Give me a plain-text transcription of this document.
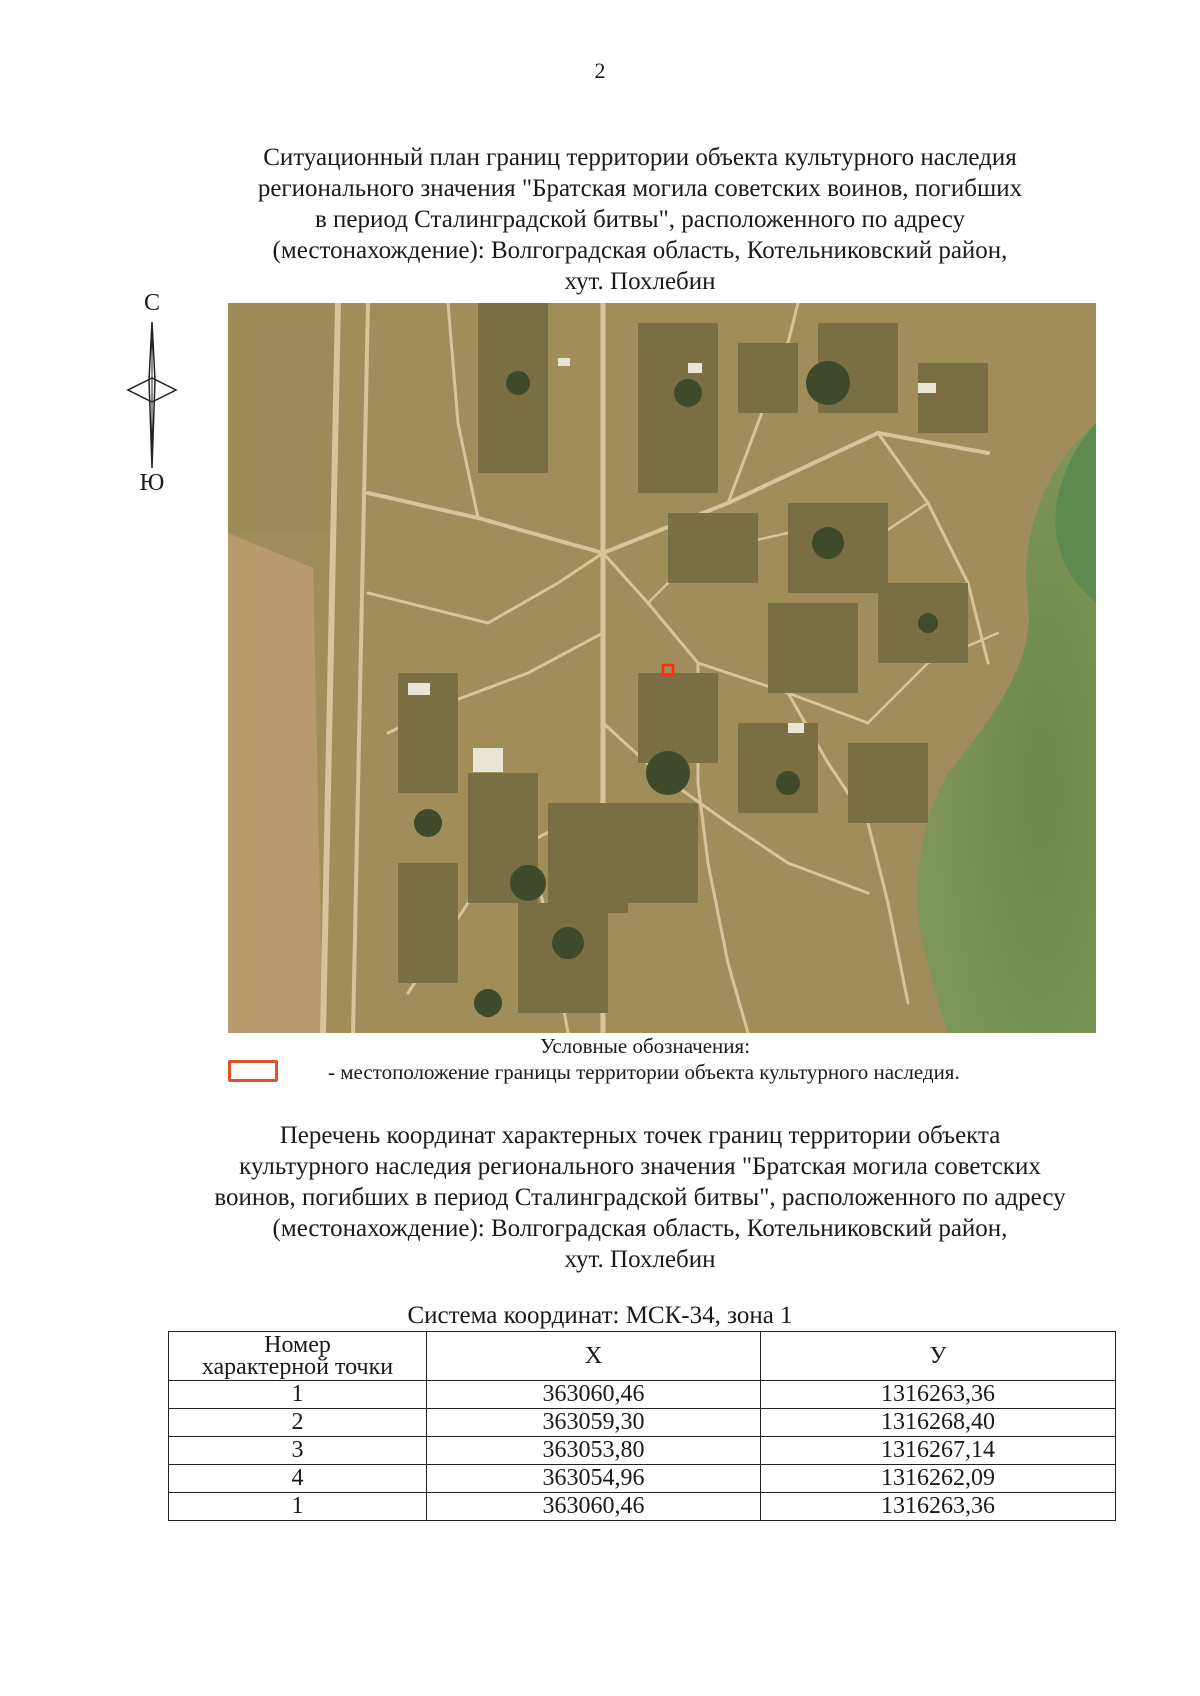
2
Ситуационный план границ территории объекта культурного наследия
регионального значения "Братская могила советских воинов, погибших
в период Сталинградской битвы", расположенного по адресу
(местонахождение): Волгоградская область, Котельниковский район,
хут. Похлебин
С
Ю
Условные обозначения:
- местоположение границы территории объекта культурного наследия.
Перечень координат характерных точек границ территории объекта
культурного наследия регионального значения "Братская могила советских
воинов, погибших в период Сталинградской битвы", расположенного по адресу
(местонахождение): Волгоградская область, Котельниковский район,
хут. Похлебин
Система координат: МСК-34, зона 1
Номер
характерной точки	X	У
1	363060,46	1316263,36
2	363059,30	1316268,40
3	363053,80	1316267,14
4	363054,96	1316262,09
1	363060,46	1316263,36
